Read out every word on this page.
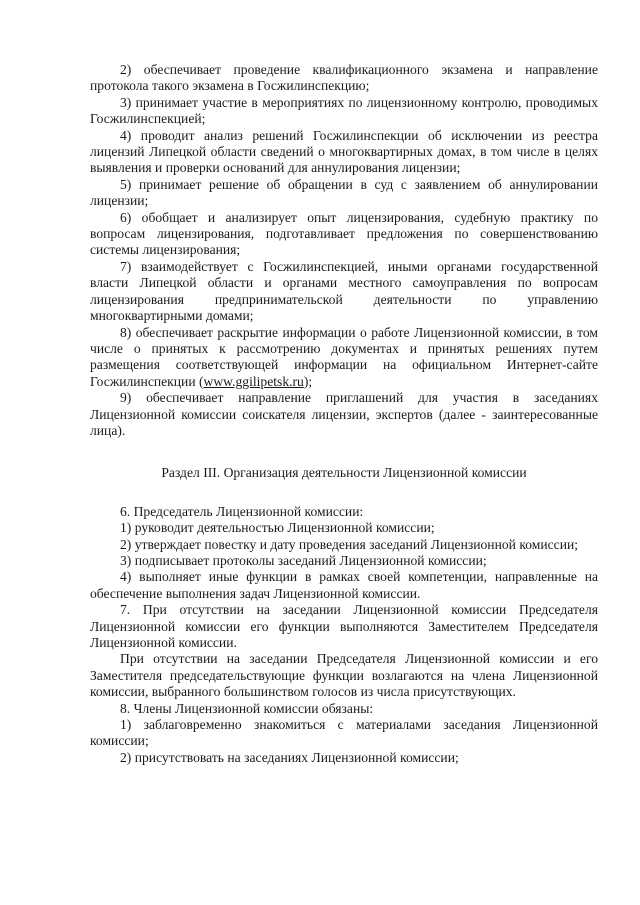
2) обеспечивает проведение квалификационного экзамена и направление протокола такого экзамена в Госжилинспекцию;

3) принимает участие в мероприятиях по лицензионному контролю, проводимых Госжилинспекцией;

4) проводит анализ решений Госжилинспекции об исключении из реестра лицензий Липецкой области сведений о многоквартирных домах, в том числе в целях выявления и проверки оснований для аннулирования лицензии;

5) принимает решение об обращении в суд с заявлением об аннулировании лицензии;

6) обобщает и анализирует опыт лицензирования, судебную практику по вопросам лицензирования, подготавливает предложения по совершенствованию системы лицензирования;

7) взаимодействует с Госжилинспекцией, иными органами государственной власти Липецкой области и органами местного самоуправления по вопросам лицензирования предпринимательской деятельности по управлению многоквартирными домами;

8) обеспечивает раскрытие информации о работе Лицензионной комиссии, в том числе о принятых к рассмотрению документах и принятых решениях путем размещения соответствующей информации на официальном Интернет-сайте Госжилинспекции (www.ggilipetsk.ru);

9) обеспечивает направление приглашений для участия в заседаниях Лицензионной комиссии соискателя лицензии, экспертов (далее - заинтересованные лица).

Раздел III. Организация деятельности Лицензионной комиссии

6. Председатель Лицензионной комиссии:

1) руководит деятельностью Лицензионной комиссии;

2) утверждает повестку и дату проведения заседаний Лицензионной комиссии;

3) подписывает протоколы заседаний Лицензионной комиссии;

4) выполняет иные функции в рамках своей компетенции, направленные на обеспечение выполнения задач Лицензионной комиссии.

7. При отсутствии на заседании Лицензионной комиссии Председателя Лицензионной комиссии его функции выполняются Заместителем Председателя Лицензионной комиссии.

При отсутствии на заседании Председателя Лицензионной комиссии и его Заместителя председательствующие функции возлагаются на члена Лицензионной комиссии, выбранного большинством голосов из числа присутствующих.

8. Члены Лицензионной комиссии обязаны:

1) заблаговременно знакомиться с материалами заседания Лицензионной комиссии;

2) присутствовать на заседаниях Лицензионной комиссии;
